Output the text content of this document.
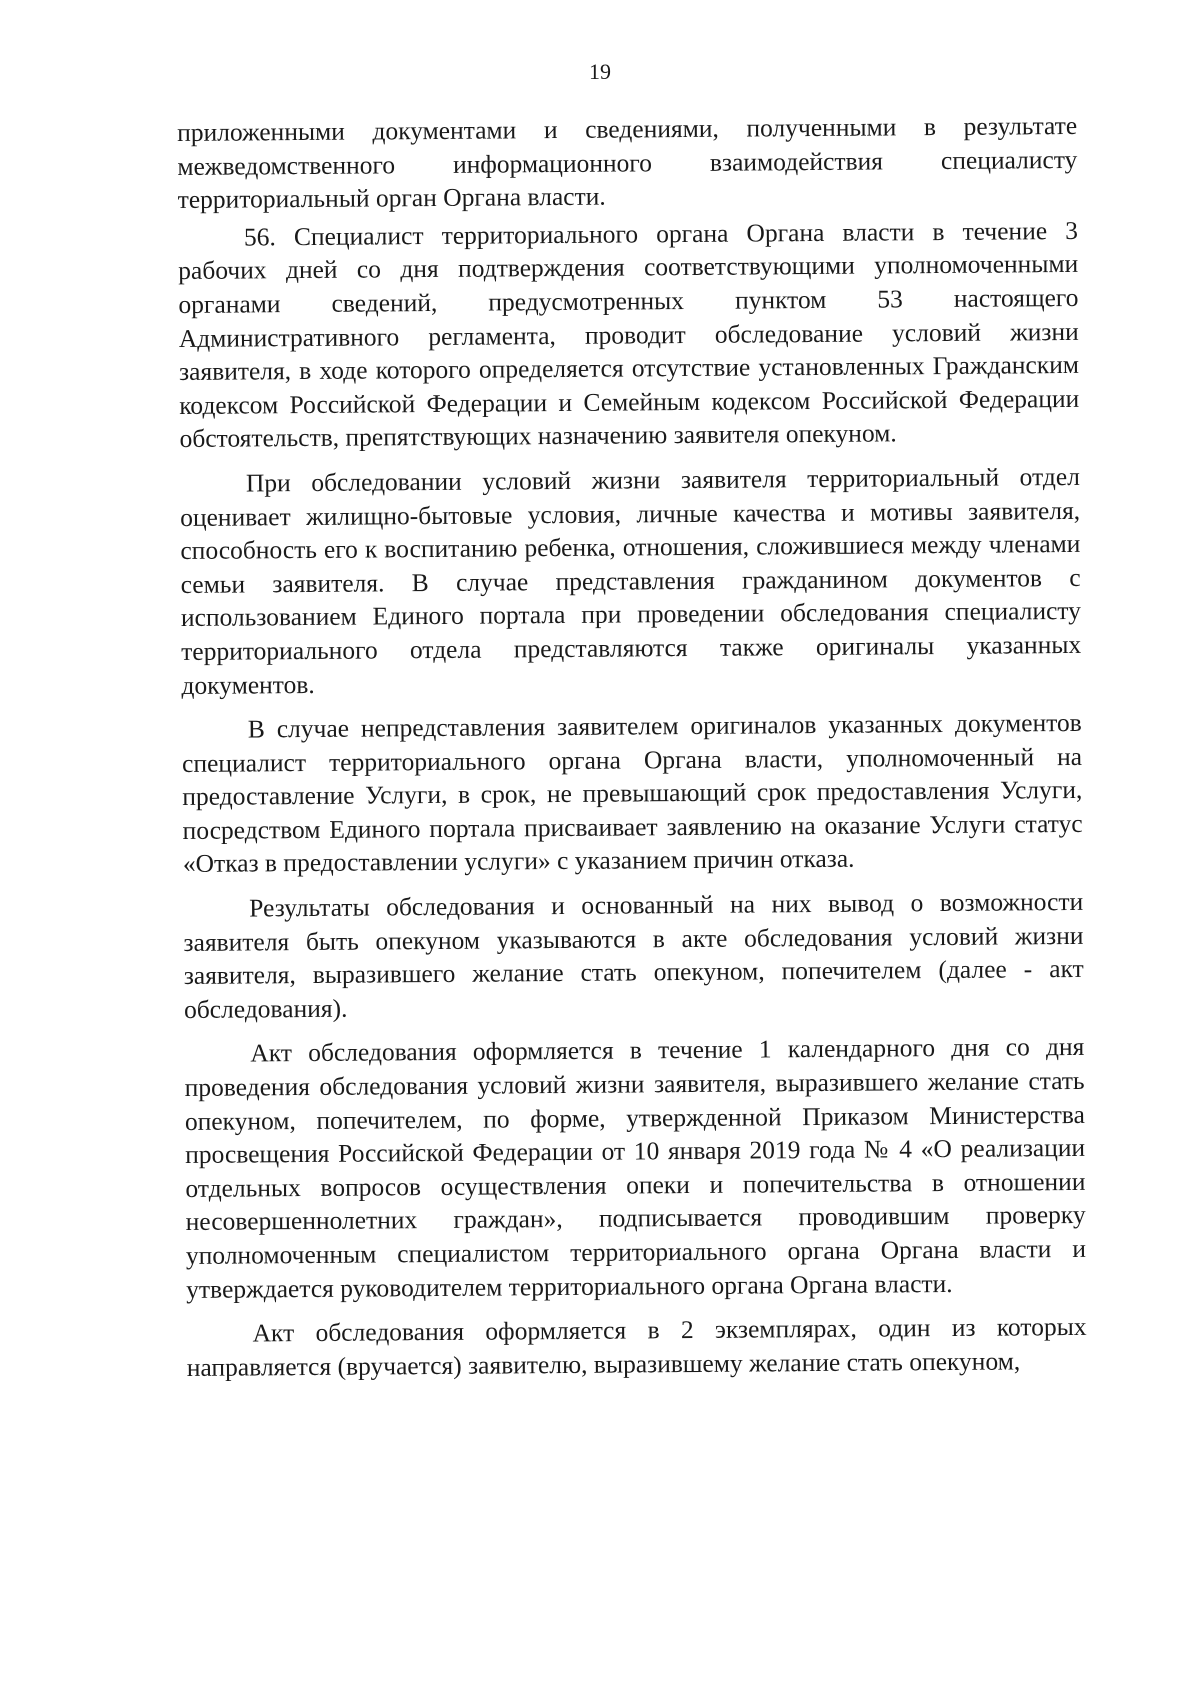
19

приложенными документами и сведениями, полученными в результате межведомственного информационного взаимодействия специалисту территориальный орган Органа власти.

56. Специалист территориального органа Органа власти в течение 3 рабочих дней со дня подтверждения соответствующими уполномоченными органами сведений, предусмотренных пунктом 53 настоящего Административного регламента, проводит обследование условий жизни заявителя, в ходе которого определяется отсутствие установленных Гражданским кодексом Российской Федерации и Семейным кодексом Российской Федерации обстоятельств, препятствующих назначению заявителя опекуном.

При обследовании условий жизни заявителя территориальный отдел оценивает жилищно-бытовые условия, личные качества и мотивы заявителя, способность его к воспитанию ребенка, отношения, сложившиеся между членами семьи заявителя. В случае представления гражданином документов с использованием Единого портала при проведении обследования специалисту территориального отдела представляются также оригиналы указанных документов.

В случае непредставления заявителем оригиналов указанных документов специалист территориального органа Органа власти, уполномоченный на предоставление Услуги, в срок, не превышающий срок предоставления Услуги, посредством Единого портала присваивает заявлению на оказание Услуги статус «Отказ в предоставлении услуги» с указанием причин отказа.

Результаты обследования и основанный на них вывод о возможности заявителя быть опекуном указываются в акте обследования условий жизни заявителя, выразившего желание стать опекуном, попечителем (далее - акт обследования).

Акт обследования оформляется в течение 1 календарного дня со дня проведения обследования условий жизни заявителя, выразившего желание стать опекуном, попечителем, по форме, утвержденной Приказом Министерства просвещения Российской Федерации от 10 января 2019 года № 4 «О реализации отдельных вопросов осуществления опеки и попечительства в отношении несовершеннолетних граждан», подписывается проводившим проверку уполномоченным специалистом территориального органа Органа власти и утверждается руководителем территориального органа Органа власти.

Акт обследования оформляется в 2 экземплярах, один из которых направляется (вручается) заявителю, выразившему желание стать опекуном,
